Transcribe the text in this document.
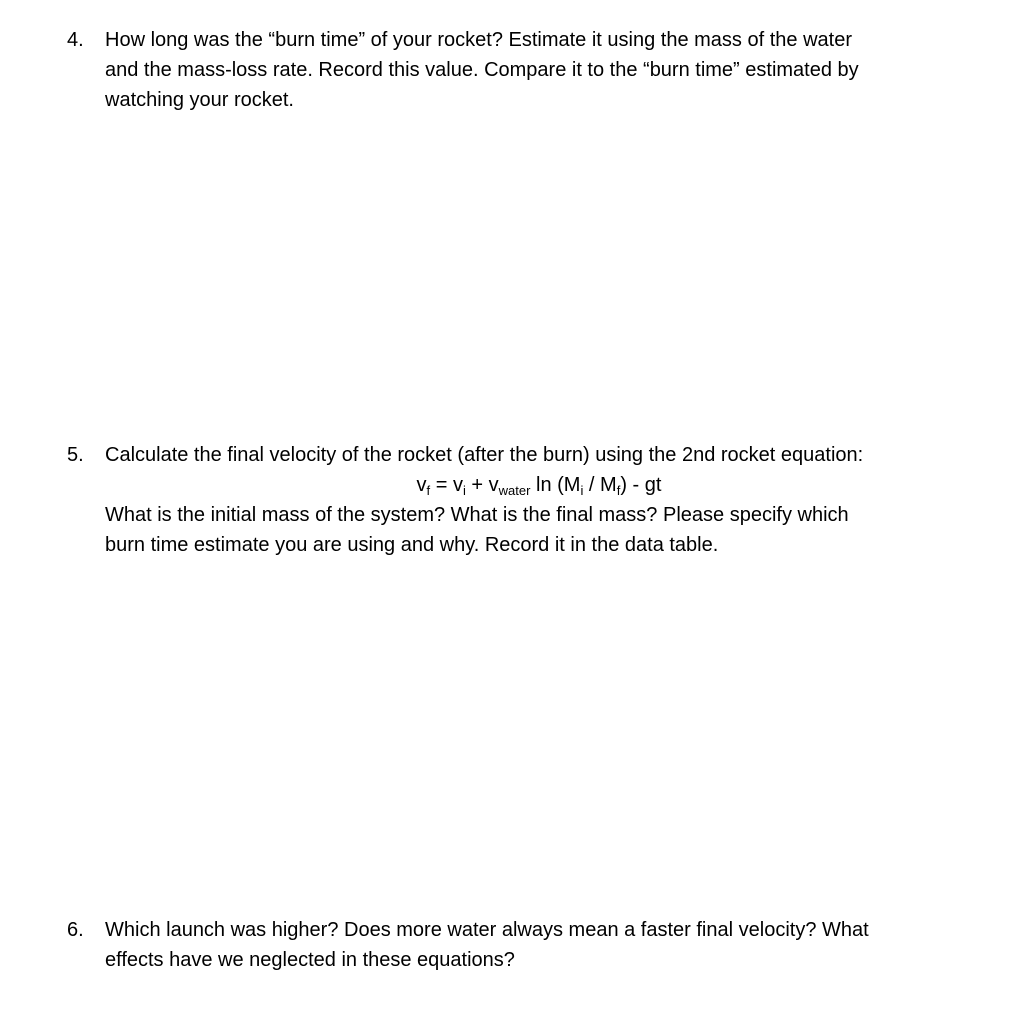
4. How long was the “burn time” of your rocket? Estimate it using the mass of the water
and the mass-loss rate. Record this value. Compare it to the “burn time” estimated by
watching your rocket.
5. Calculate the final velocity of the rocket (after the burn) using the 2nd rocket equation:
$v_f = v_i + v_{water}$ $\ln (M_i / M_f)$ - gt
What is the initial mass of the system? What is the final mass? Please specify which
burn time estimate you are using and why. Record it in the data table.
6. Which launch was higher? Does more water always mean a faster final velocity? What
effects have we neglected in these equations?
